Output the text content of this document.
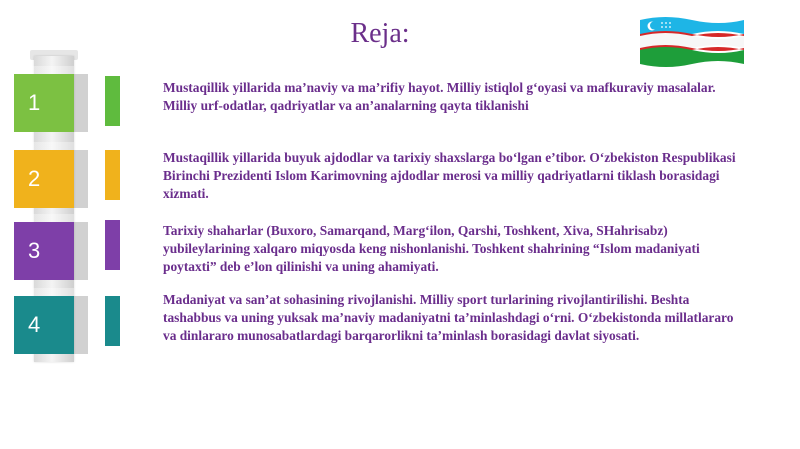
Reja:
1
2
3
4
Mustaqillik yillarida ma’naviy va ma’rifiy hayot. Milliy istiqlol g‘oyasi va mafkuraviy masalalar. Milliy urf-odatlar, qadriyatlar va an’analarning qayta tiklanishi
Mustaqillik yillarida buyuk ajdodlar va tarixiy shaxslarga bo‘lgan e’tibor. O‘zbekiston Respublikasi Birinchi Prezidenti Islom Karimovning ajdodlar merosi va milliy qadriyatlarni tiklash borasidagi xizmati.
Tarixiy shaharlar (Buxoro, Samarqand, Marg‘ilon, Qarshi, Toshkent, Xiva, SHahrisabz) yubileylarining xalqaro miqyosda keng nishonlanishi. Toshkent shahrining “Islom madaniyati poytaxti” deb e’lon qilinishi va uning ahamiyati.
Madaniyat va san’at sohasining rivojlanishi. Milliy sport turlarining rivojlantirilishi. Beshta tashabbus va uning yuksak ma’naviy madaniyatni ta’minlashdagi o‘rni. O‘zbekistonda millatlararo va dinlararo munosabatlardagi barqarorlikni ta’minlash borasidagi davlat siyosati.
